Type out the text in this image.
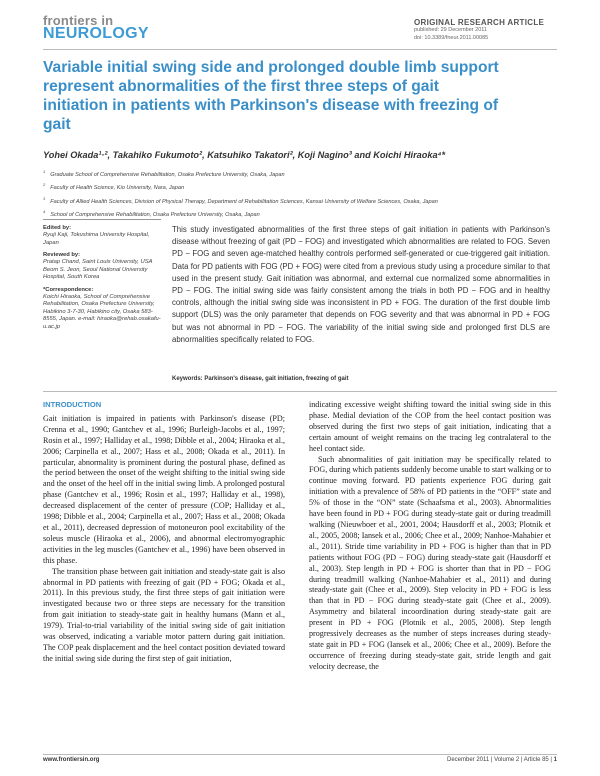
frontiers in
NEUROLOGY
ORIGINAL RESEARCH ARTICLE
published: 29 December 2011
doi: 10.3389/fneur.2011.00085
Variable initial swing side and prolonged double limb support represent abnormalities of the first three steps of gait initiation in patients with Parkinson's disease with freezing of gait
Yohei Okada¹·², Takahiko Fukumoto², Katsuhiko Takatori², Koji Nagino³ and Koichi Hiraoka⁴*
$^1$Graduate School of Comprehensive Rehabilitation, Osaka Prefecture University, Osaka, Japan
$^2$Faculty of Health Science, Kio University, Nara, Japan
$^3$Faculty of Allied Health Sciences, Division of Physical Therapy, Department of Rehabilitation Sciences, Kansai University of Welfare Sciences, Osaka, Japan
$^4$School of Comprehensive Rehabilitation, Osaka Prefecture University, Osaka, Japan
Edited by:
Ryuji Kaji, Tokushima University Hospital, Japan
Reviewed by:
Pratap Chand, Saint Louis University, USA
Beom S. Jeon, Seoul National University Hospital, South Korea
*Correspondence:
Koichi Hiraoka, School of Comprehensive Rehabilitation, Osaka Prefecture University, Habikino 3-7-30, Habikino city, Osaka 583-8555, Japan. e-mail: hiraoka@rehab.osakafu-u.ac.jp

This study investigated abnormalities of the first three steps of gait initiation in patients with Parkinson's disease without freezing of gait (PD − FOG) and investigated which abnormalities are related to FOG. Seven PD − FOG and seven age-matched healthy controls performed self-generated or cue-triggered gait initiation. Data for PD patients with FOG (PD + FOG) were cited from a previous study using a procedure similar to that used in the present study. Gait initiation was abnormal, and external cue normalized some abnormalities in PD − FOG. The initial swing side was fairly consistent among the trials in both PD − FOG and in healthy controls, although the initial swing side was inconsistent in PD + FOG. The duration of the first double limb support (DLS) was the only parameter that depends on FOG severity and that was abnormal in PD + FOG but was not abnormal in PD − FOG. The variability of the initial swing side and prolonged first DLS are abnormalities specifically related to FOG.

Keywords: Parkinson's disease, gait initiation, freezing of gait
INTRODUCTION

Gait initiation is impaired in patients with Parkinson's disease (PD; Crenna et al., 1990; Gantchev et al., 1996; Burleigh-Jacobs et al., 1997; Rosin et al., 1997; Halliday et al., 1998; Dibble et al., 2004; Hiraoka et al., 2006; Carpinella et al., 2007; Hass et al., 2008; Okada et al., 2011). In particular, abnormality is prominent during the postural phase, defined as the period between the onset of the weight shifting to the initial swing side and the onset of the heel off in the initial swing limb. A prolonged postural phase (Gantchev et al., 1996; Rosin et al., 1997; Halliday et al., 1998), decreased displacement of the center of pressure (COP; Halliday et al., 1998; Dibble et al., 2004; Carpinella et al., 2007; Hass et al., 2008; Okada et al., 2011), decreased depression of motoneuron pool excitability of the soleus muscle (Hiraoka et al., 2006), and abnormal electromyographic activities in the leg muscles (Gantchev et al., 1996) have been observed in this phase.

The transition phase between gait initiation and steady-state gait is also abnormal in PD patients with freezing of gait (PD + FOG; Okada et al., 2011). In this previous study, the first three steps of gait initiation were investigated because two or three steps are necessary for the transition from gait initiation to steady-state gait in healthy humans (Mann et al., 1979). Trial-to-trial variability of the initial swing side of gait initiation was observed, indicating a variable motor pattern during gait initiation. The COP peak displacement and the heel contact position deviated toward the initial swing side during the first step of gait initiation,

indicating excessive weight shifting toward the initial swing side in this phase. Medial deviation of the COP from the heel contact position was observed during the first two steps of gait initiation, indicating that a certain amount of weight remains on the tracing leg contralateral to the heel contact side.

Such abnormalities of gait initiation may be specifically related to FOG, during which patients suddenly become unable to start walking or to continue moving forward. PD patients experience FOG during gait initiation with a prevalence of 58% of PD patients in the “OFF” state and 5% of those in the “ON” state (Schaafsma et al., 2003). Abnormalities have been found in PD + FOG during steady-state gait or during treadmill walking (Nieuwboer et al., 2001, 2004; Hausdorff et al., 2003; Plotnik et al., 2005, 2008; Iansek et al., 2006; Chee et al., 2009; Nanhoe-Mahabier et al., 2011). Stride time variability in PD + FOG is higher than that in PD patients without FOG (PD − FOG) during steady-state gait (Hausdorff et al., 2003). Step length in PD + FOG is shorter than that in PD − FOG during treadmill walking (Nanhoe-Mahabier et al., 2011) and during steady-state gait (Chee et al., 2009). Step velocity in PD + FOG is less than that in PD − FOG during steady-state gait (Chee et al., 2009). Asymmetry and bilateral incoordination during steady-state gait are present in PD + FOG (Plotnik et al., 2005, 2008). Step length progressively decreases as the number of steps increases during steady-state gait in PD + FOG (Iansek et al., 2006; Chee et al., 2009). Before the occurrence of freezing during steady-state gait, stride length and gait velocity decrease, the

www.frontiersin.org	December 2011 | Volume 2 | Article 85 | 1
